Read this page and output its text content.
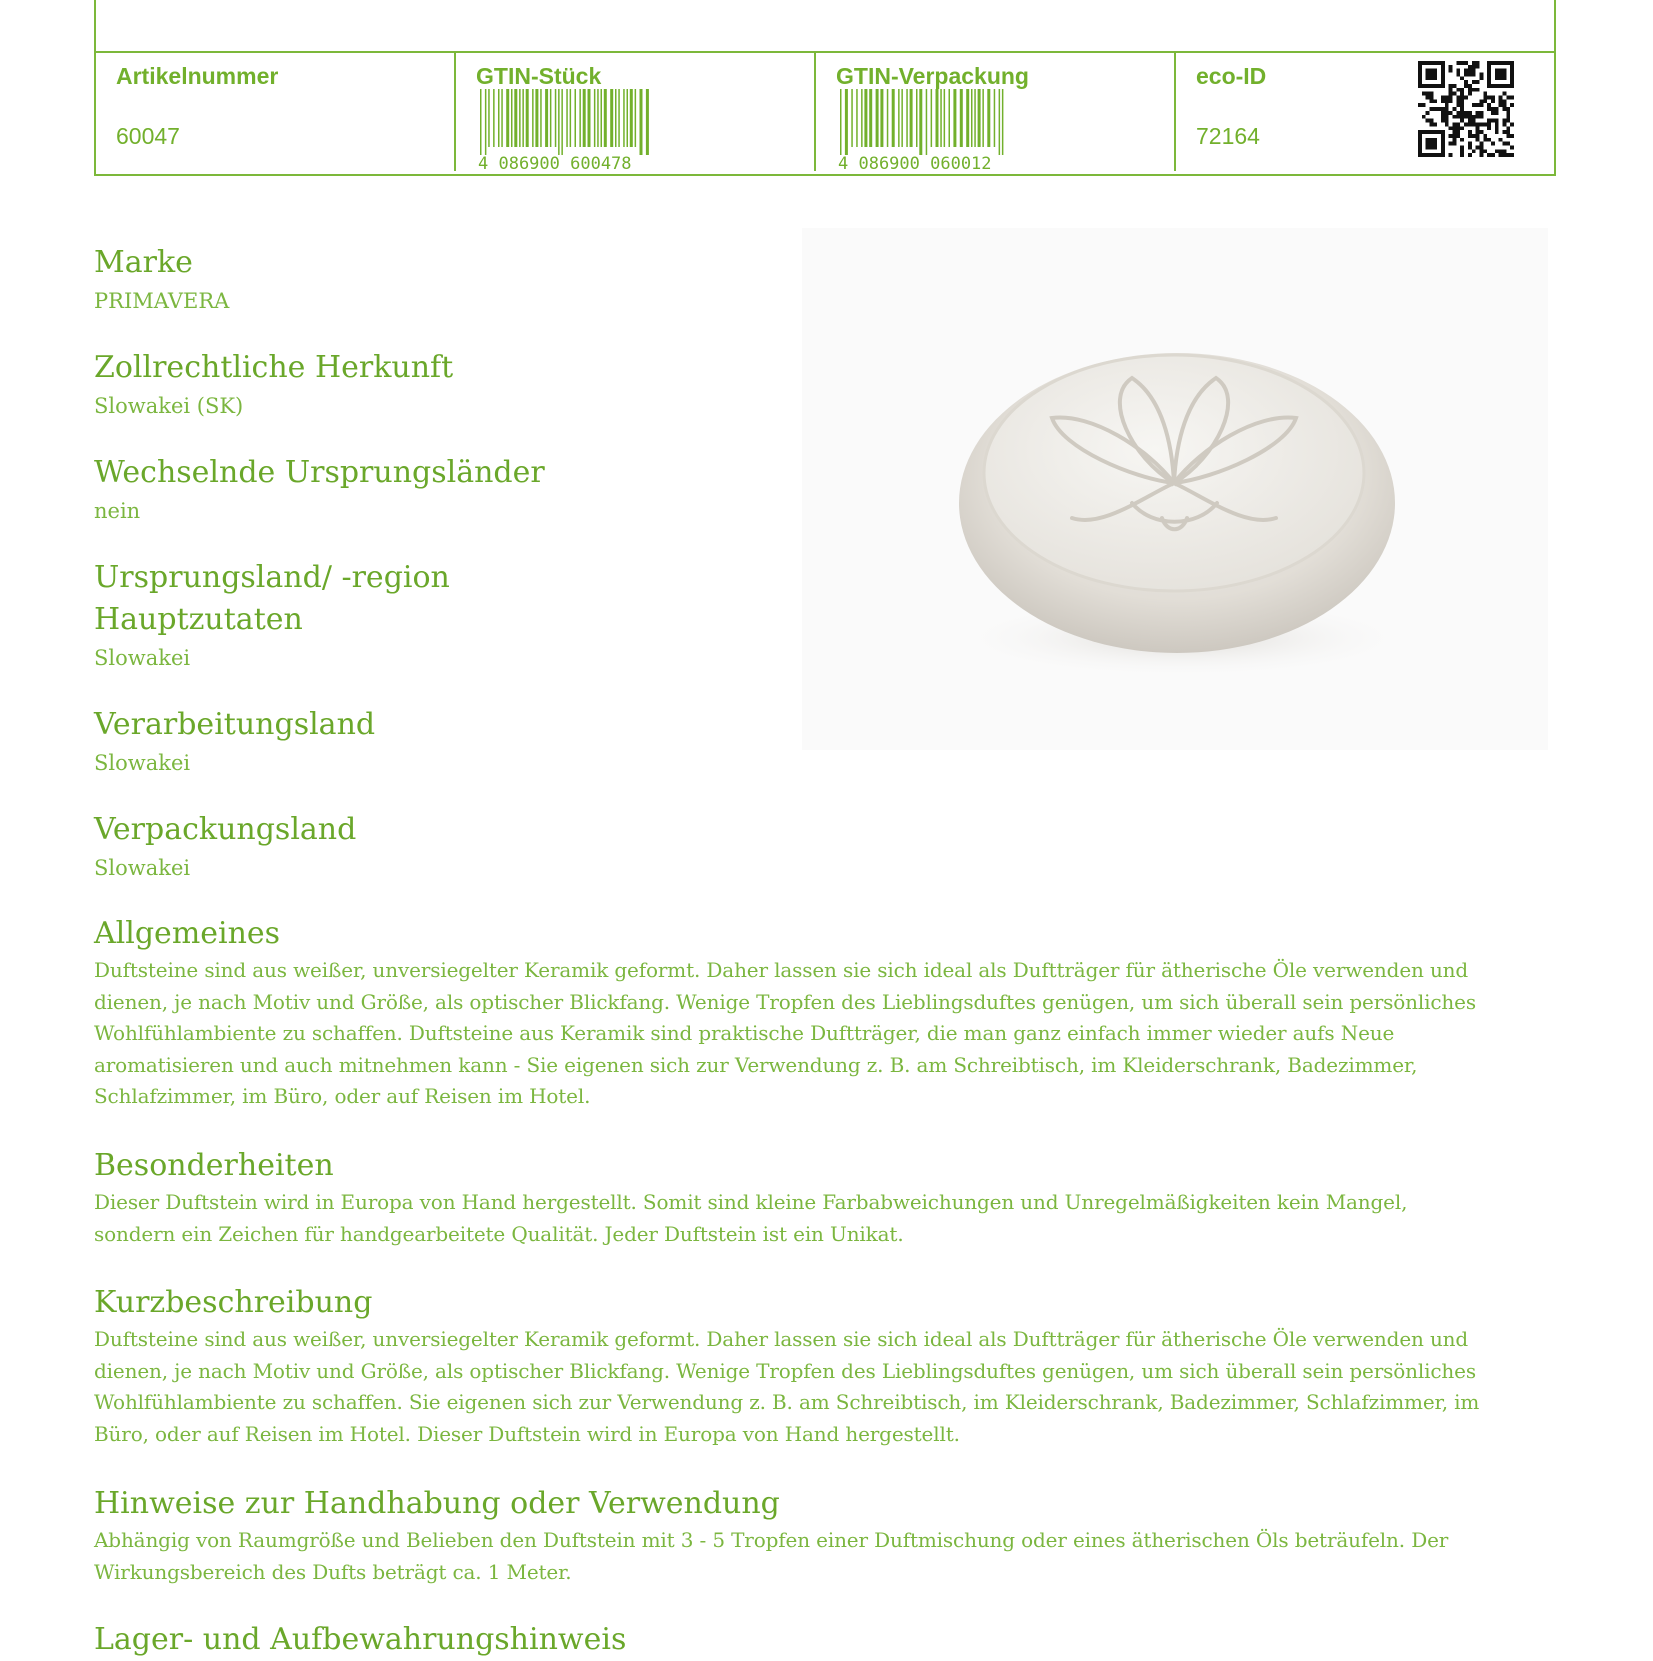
Artikelnummer
60047
GTIN-Stück
4 086900 600478
GTIN-Verpackung
4 086900 060012
eco-ID
72164

Marke

PRIMAVERA

Zollrechtliche Herkunft

Slowakei (SK)

Wechselnde Ursprungsländer

nein

Ursprungsland/ -region

Hauptzutaten

Slowakei

Verarbeitungsland

Slowakei

Verpackungsland

Slowakei

Allgemeines

Duftsteine sind aus weißer, unversiegelter Keramik geformt. Daher lassen sie sich ideal als Duftträger für ätherische Öle verwenden und

dienen, je nach Motiv und Größe, als optischer Blickfang. Wenige Tropfen des Lieblingsduftes genügen, um sich überall sein persönliches

Wohlfühlambiente zu schaffen. Duftsteine aus Keramik sind praktische Duftträger, die man ganz einfach immer wieder aufs Neue

aromatisieren und auch mitnehmen kann - Sie eigenen sich zur Verwendung z. B. am Schreibtisch, im Kleiderschrank, Badezimmer,

Schlafzimmer, im Büro, oder auf Reisen im Hotel.

Besonderheiten

Dieser Duftstein wird in Europa von Hand hergestellt. Somit sind kleine Farbabweichungen und Unregelmäßigkeiten kein Mangel,

sondern ein Zeichen für handgearbeitete Qualität. Jeder Duftstein ist ein Unikat.

Kurzbeschreibung

Duftsteine sind aus weißer, unversiegelter Keramik geformt. Daher lassen sie sich ideal als Duftträger für ätherische Öle verwenden und

dienen, je nach Motiv und Größe, als optischer Blickfang. Wenige Tropfen des Lieblingsduftes genügen, um sich überall sein persönliches

Wohlfühlambiente zu schaffen. Sie eigenen sich zur Verwendung z. B. am Schreibtisch, im Kleiderschrank, Badezimmer, Schlafzimmer, im

Büro, oder auf Reisen im Hotel. Dieser Duftstein wird in Europa von Hand hergestellt.

Hinweise zur Handhabung oder Verwendung

Abhängig von Raumgröße und Belieben den Duftstein mit 3 - 5 Tropfen einer Duftmischung oder eines ätherischen Öls beträufeln. Der

Wirkungsbereich des Dufts beträgt ca. 1 Meter.

Lager- und Aufbewahrungshinweis
